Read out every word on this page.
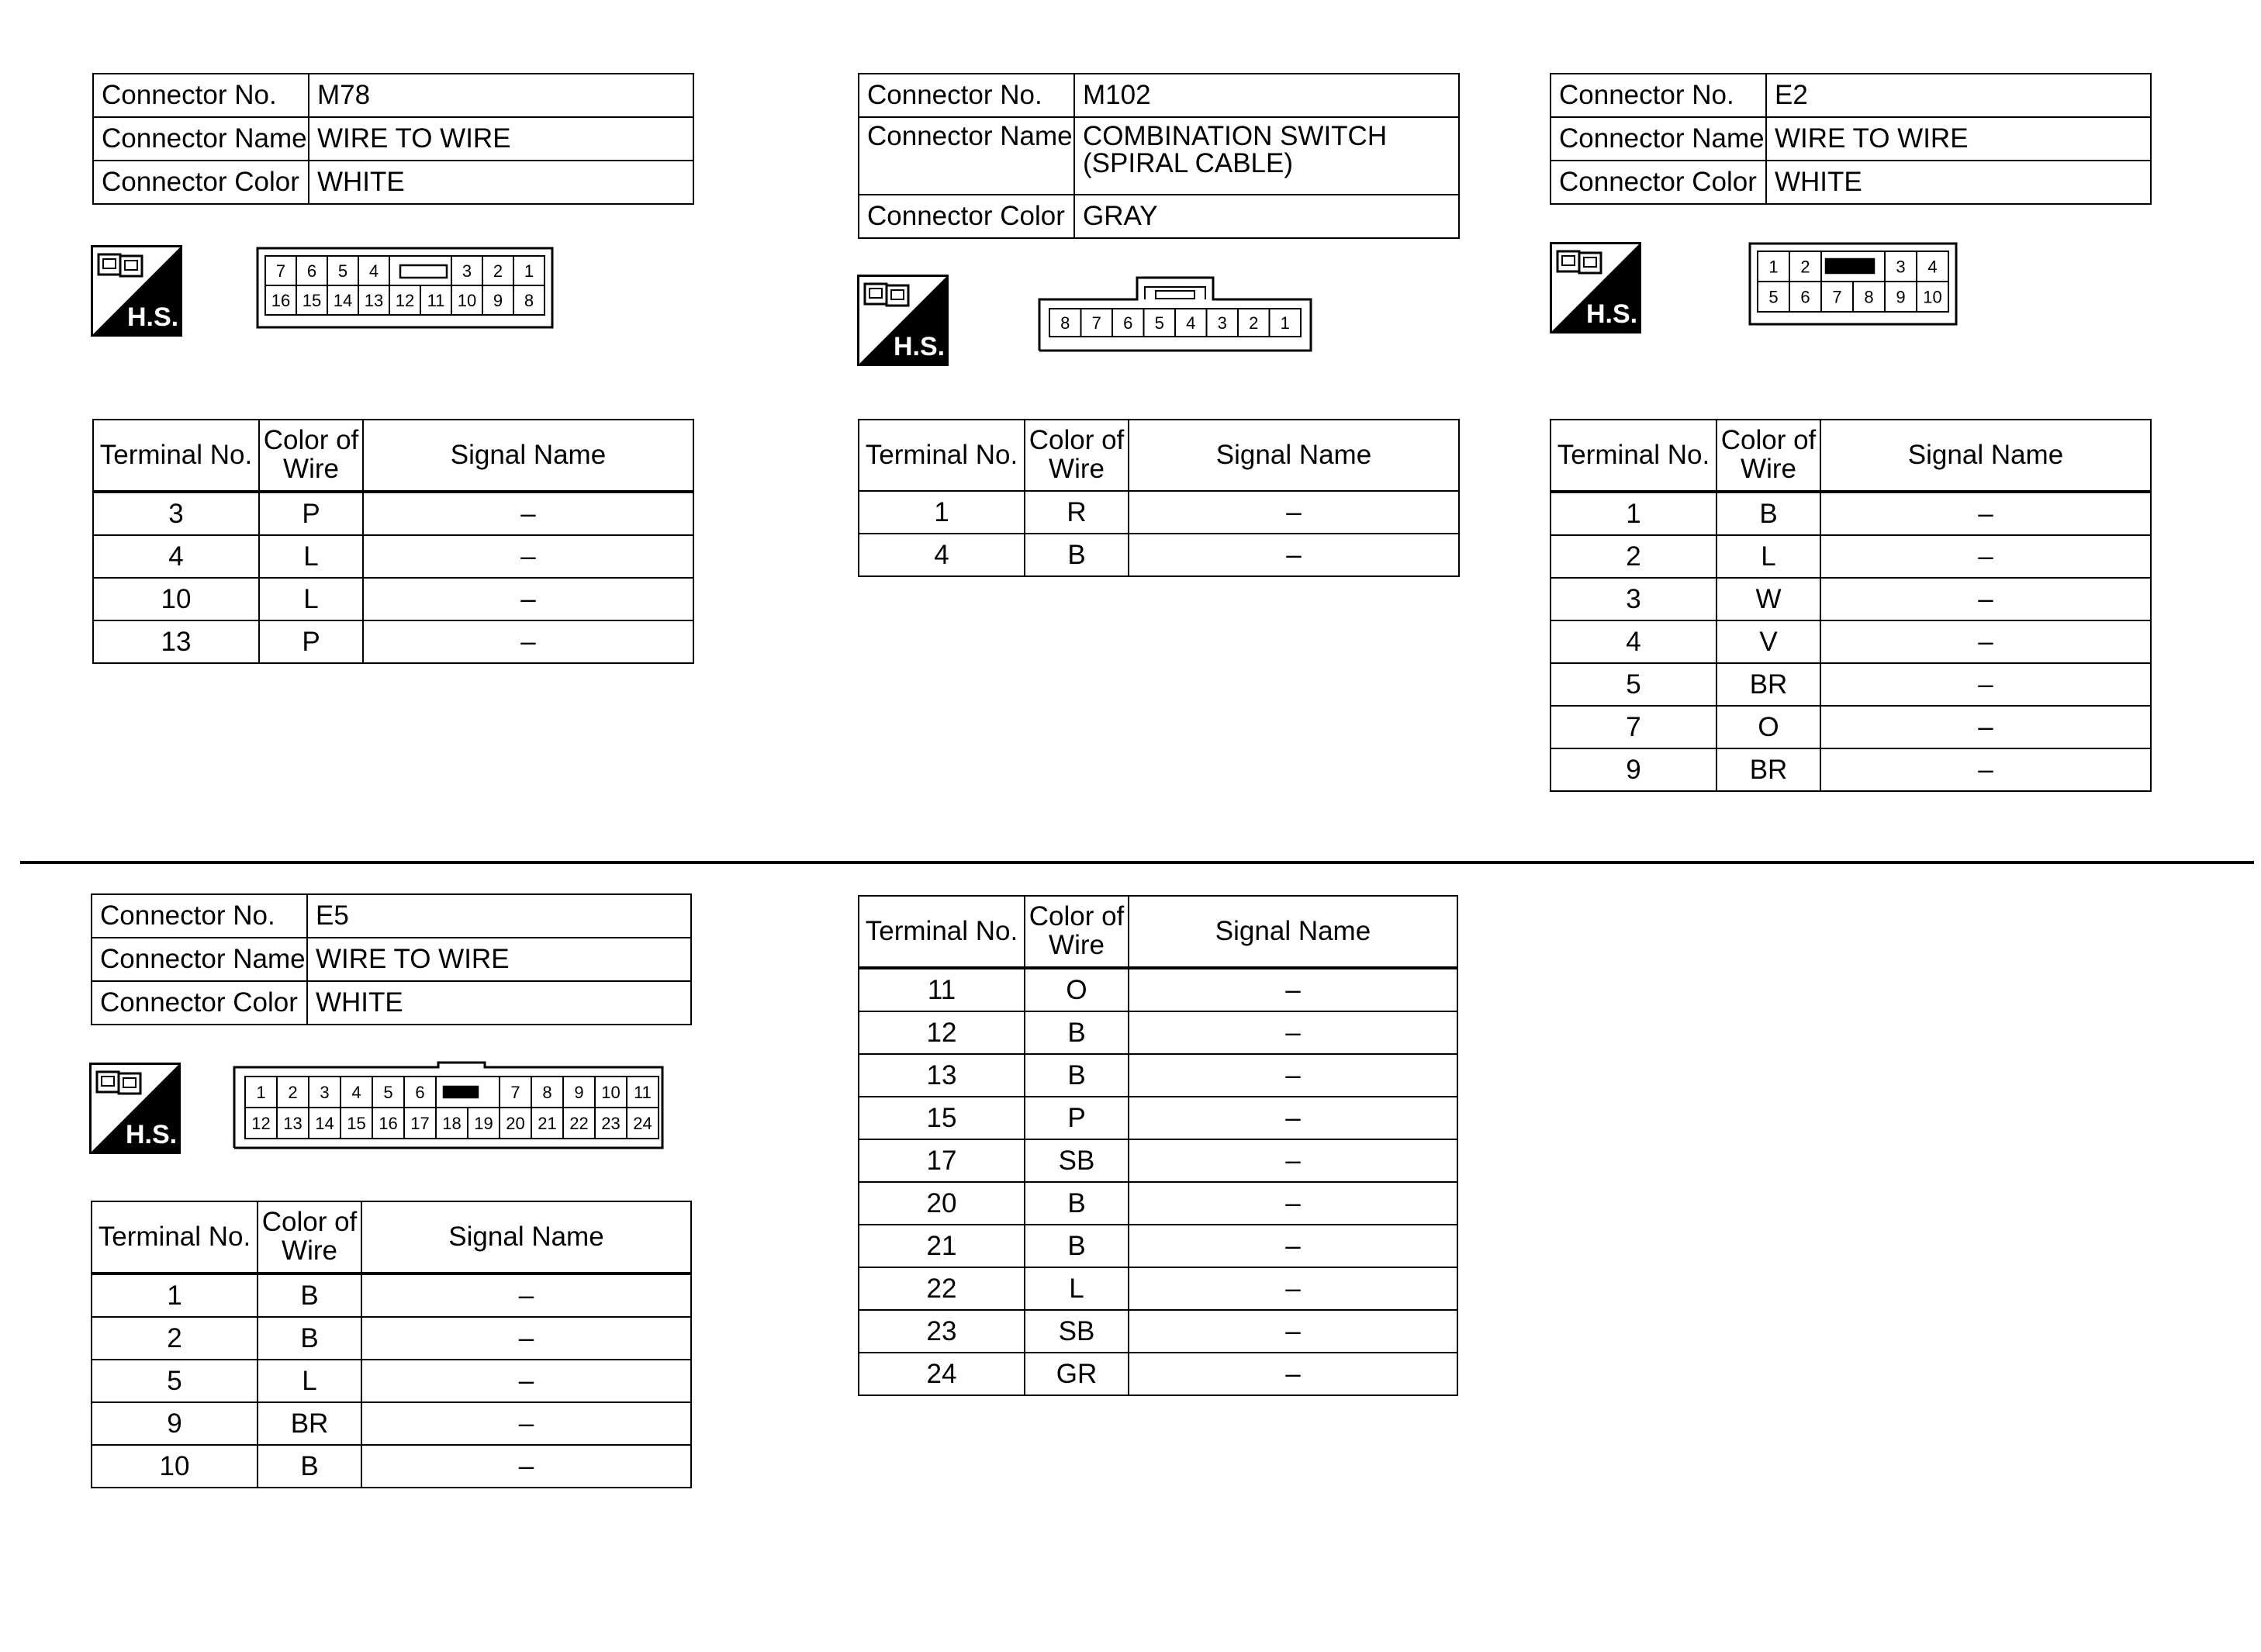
Connector No.	M78
Connector Name	WIRE TO WIRE
Connector Color	WHITE
H.S.
7 6 5 4	3 2 1
16 15 14 13 12 11 10 9 8
Terminal No.	Color of Wire	Signal Name
3	P	–
4	L	–
10	L	–
13	P	–
Connector No.	M102
Connector Name	COMBINATION SWITCH (SPIRAL CABLE)
Connector Color	GRAY
H.S.
8 7 6 5 4 3 2 1
Terminal No.	Color of Wire	Signal Name
1	R	–
4	B	–
Connector No.	E2
Connector Name	WIRE TO WIRE
Connector Color	WHITE
H.S.
1 2	3 4
5 6 7 8 9 10
Terminal No.	Color of Wire	Signal Name
1	B	–
2	L	–
3	W	–
4	V	–
5	BR	–
7	O	–
9	BR	–
Connector No.	E5
Connector Name	WIRE TO WIRE
Connector Color	WHITE
H.S.
1 2 3 4 5 6	7 8 9 10 11
12 13 14 15 16 17 18 19 20 21 22 23 24
Terminal No.	Color of Wire	Signal Name
1	B	–
2	B	–
5	L	–
9	BR	–
10	B	–
Terminal No.	Color of Wire	Signal Name
11	O	–
12	B	–
13	B	–
15	P	–
17	SB	–
20	B	–
21	B	–
22	L	–
23	SB	–
24	GR	–
